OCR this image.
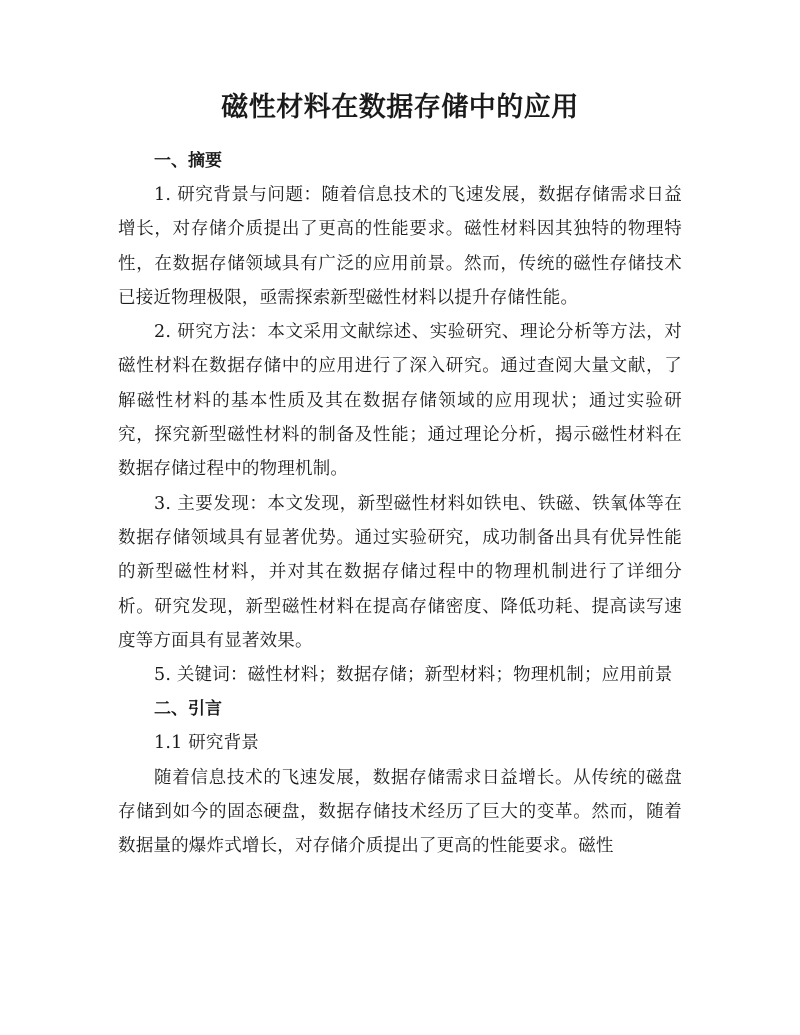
磁性材料在数据存储中的应用
一、摘要

1. 研究背景与问题：随着信息技术的飞速发展，数据存储需求日益增长，对存储介质提出了更高的性能要求。磁性材料因其独特的物理特性，在数据存储领域具有广泛的应用前景。然而，传统的磁性存储技术已接近物理极限，亟需探索新型磁性材料以提升存储性能。

2. 研究方法：本文采用文献综述、实验研究、理论分析等方法，对磁性材料在数据存储中的应用进行了深入研究。通过查阅大量文献，了解磁性材料的基本性质及其在数据存储领域的应用现状；通过实验研究，探究新型磁性材料的制备及性能；通过理论分析，揭示磁性材料在数据存储过程中的物理机制。

3. 主要发现：本文发现，新型磁性材料如铁电、铁磁、铁氧体等在数据存储领域具有显著优势。通过实验研究，成功制备出具有优异性能的新型磁性材料，并对其在数据存储过程中的物理机制进行了详细分析。研究发现，新型磁性材料在提高存储密度、降低功耗、提高读写速度等方面具有显著效果。

5. 关键词：磁性材料；数据存储；新型材料；物理机制；应用前景

二、引言

1.1 研究背景

随着信息技术的飞速发展，数据存储需求日益增长。从传统的磁盘存储到如今的固态硬盘，数据存储技术经历了巨大的变革。然而，随着数据量的爆炸式增长，对存储介质提出了更高的性能要求。磁性
